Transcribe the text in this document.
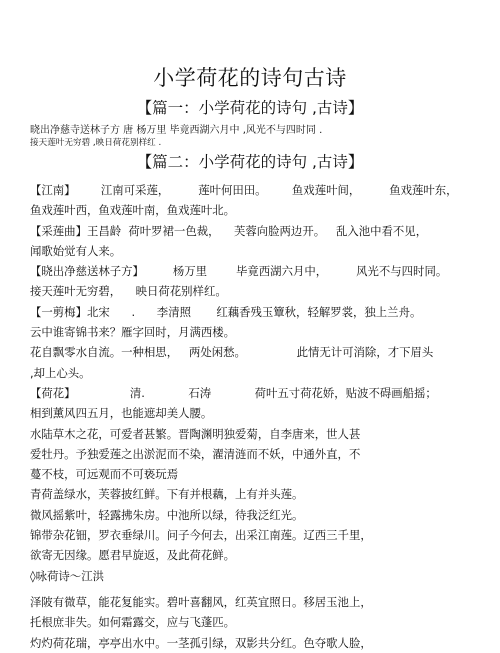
小学荷花的诗句古诗
【篇一：小学荷花的诗句 ,古诗】
晓出净慈寺送林子方 唐 杨万里 毕竟西湖六月中 ,风光不与四时同 .
接天莲叶无穷碧 ,映日荷花别样红 .
【篇二：小学荷花的诗句 ,古诗】
【江南】       江南可采莲，        莲叶何田田。       鱼戏莲叶间，        鱼戏莲叶东，
鱼戏莲叶西，鱼戏莲叶南，鱼戏莲叶北。
【采莲曲】王昌龄  荷叶罗裙一色裁，    芙蓉向脸两边开。   乱入池中看不见，
闻歌始觉有人来。
【晓出净慈送林子方】        杨万里        毕竟西湖六月中，        风光不与四时同。
接天莲叶无穷碧，    映日荷花别样红。
【一剪梅】北宋      .      李清照       红藕香残玉簟秋，轻解罗裳，独上兰舟。
云中谁寄锦书来？雁字回时，月满西楼。
花自飘零水自流。一种相思，   两处闲愁。              此情无计可消除，才下眉头
,却上心头。
【荷花】               清.            石涛            荷叶五寸荷花娇，贴波不碍画船摇；
相到薰风四五月，也能遮却美人腰。
水陆草木之花，可爱者甚繁。晋陶渊明独爱菊，自李唐来，世人甚
爱牡丹。予独爱莲之出淤泥而不染，濯清涟而不妖，中通外直，不
蔓不枝，可远观而不可亵玩焉
青荷盖绿水，芙蓉披红鲜。下有并根藕，上有并头莲。
微风摇紫叶，轻露拂朱房。中池所以绿，待我泛红光。
锦带杂花钿，罗衣垂绿川。问子今何去，出采江南莲。辽西三千里，
欲寄无因缘。愿君早旋返，及此荷花鲜。
◊咏荷诗～江洪
泽陂有微草，能花复能实。碧叶喜翻风，红英宜照日。移居玉池上，
托根庶非失。如何霜露交，应与飞蓬匹。
灼灼荷花瑞，亭亭出水中。一茎孤引绿，双影共分红。色夺歌人脸，
